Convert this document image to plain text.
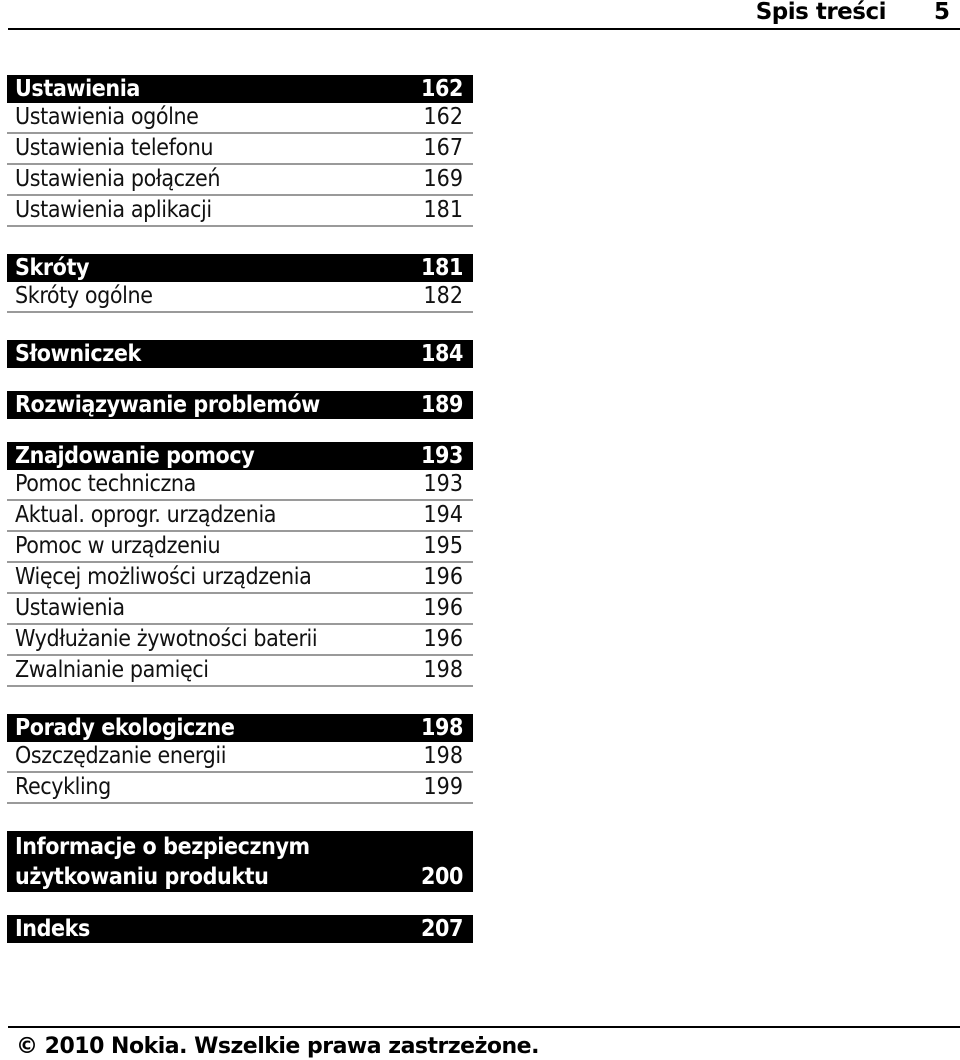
Spis treści 5
Ustawienia	162
Ustawienia ogólne	162
Ustawienia telefonu	167
Ustawienia połączeń	169
Ustawienia aplikacji	181
Skróty	181
Skróty ogólne	182
Słowniczek	184
Rozwiązywanie problemów	189
Znajdowanie pomocy	193
Pomoc techniczna	193
Aktual. oprogr. urządzenia	194
Pomoc w urządzeniu	195
Więcej możliwości urządzenia	196
Ustawienia	196
Wydłużanie żywotności baterii	196
Zwalnianie pamięci	198
Porady ekologiczne	198
Oszczędzanie energii	198
Recykling	199
Informacje o bezpiecznym
użytkowaniu produktu	200
Indeks	207
© 2010 Nokia. Wszelkie prawa zastrzeżone.
